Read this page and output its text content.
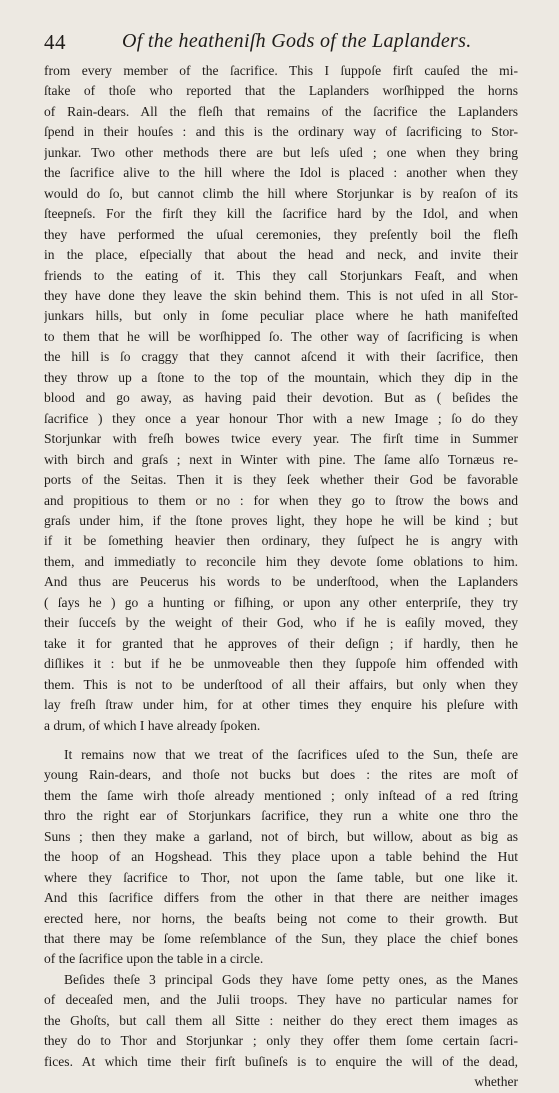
44	Of the heatheniſh Gods of the Laplanders.

from every member of the ſacrifice. This I ſuppoſe firſt cauſed the mi-
ſtake of thoſe who reported that the Laplanders worſhipped the horns
of Rain-dears. All the fleſh that remains of the ſacrifice the Laplanders
ſpend in their houſes : and this is the ordinary way of ſacrificing to Stor-
junkar. Two other methods there are but leſs uſed ; one when they bring
the ſacrifice alive to the hill where the Idol is placed : another when they
would do ſo, but cannot climb the hill where Storjunkar is by reaſon of its
ſteepneſs. For the firſt they kill the ſacrifice hard by the Idol, and when
they have performed the uſual ceremonies, they preſently boil the fleſh
in the place, eſpecially that about the head and neck, and invite their
friends to the eating of it. This they call Storjunkars Feaſt, and when
they have done they leave the skin behind them. This is not uſed in all Stor-
junkars hills, but only in ſome peculiar place where he hath manifeſted
to them that he will be worſhipped ſo. The other way of ſacrificing is when
the hill is ſo craggy that they cannot aſcend it with their ſacrifice, then
they throw up a ſtone to the top of the mountain, which they dip in the
blood and go away, as having paid their devotion. But as ( beſides the
ſacrifice ) they once a year honour Thor with a new Image ; ſo do they
Storjunkar with freſh bowes twice every year. The firſt time in Summer
with birch and graſs ; next in Winter with pine. The ſame alſo Tornæus re-
ports of the Seitas. Then it is they ſeek whether their God be favorable
and propitious to them or no : for when they go to ſtrow the bows and
graſs under him, if the ſtone proves light, they hope he will be kind ; but
if it be ſomething heavier then ordinary, they ſuſpect he is angry with
them, and immediatly to reconcile him they devote ſome oblations to him.
And thus are Peucerus his words to be underſtood, when the Laplanders
( ſays he ) go a hunting or fiſhing, or upon any other enterpriſe, they try
their ſucceſs by the weight of their God, who if he is eaſily moved, they
take it for granted that he approves of their deſign ; if hardly, then he
diſlikes it : but if he be unmoveable then they ſuppoſe him offended with
them. This is not to be underſtood of all their affairs, but only when they
lay freſh ſtraw under him, for at other times they enquire his pleſure with
a drum, of which I have already ſpoken.

It remains now that we treat of the ſacrifices uſed to the Sun, theſe are
young Rain-dears, and thoſe not bucks but does : the rites are moſt of
them the ſame wirh thoſe already mentioned ; only inſtead of a red ſtring
thro the right ear of Storjunkars ſacrifice, they run a white one thro the
Suns ; then they make a garland, not of birch, but willow, about as big as
the hoop of an Hogshead. This they place upon a table behind the Hut
where they ſacrifice to Thor, not upon the ſame table, but one like it.
And this ſacrifice differs from the other in that there are neither images
erected here, nor horns, the beaſts being not come to their growth. But
that there may be ſome reſemblance of the Sun, they place the chief bones
of the ſacrifice upon the table in a circle.

Beſides theſe 3 principal Gods they have ſome petty ones, as the Manes
of deceaſed men, and the Julii troops. They have no particular names for
the Ghoſts, but call them all Sitte : neither do they erect them images as
they do to Thor and Storjunkar ; only they offer them ſome certain ſacri-
fices. At which time their firſt buſineſs is to enquire the will of the dead,

whether
